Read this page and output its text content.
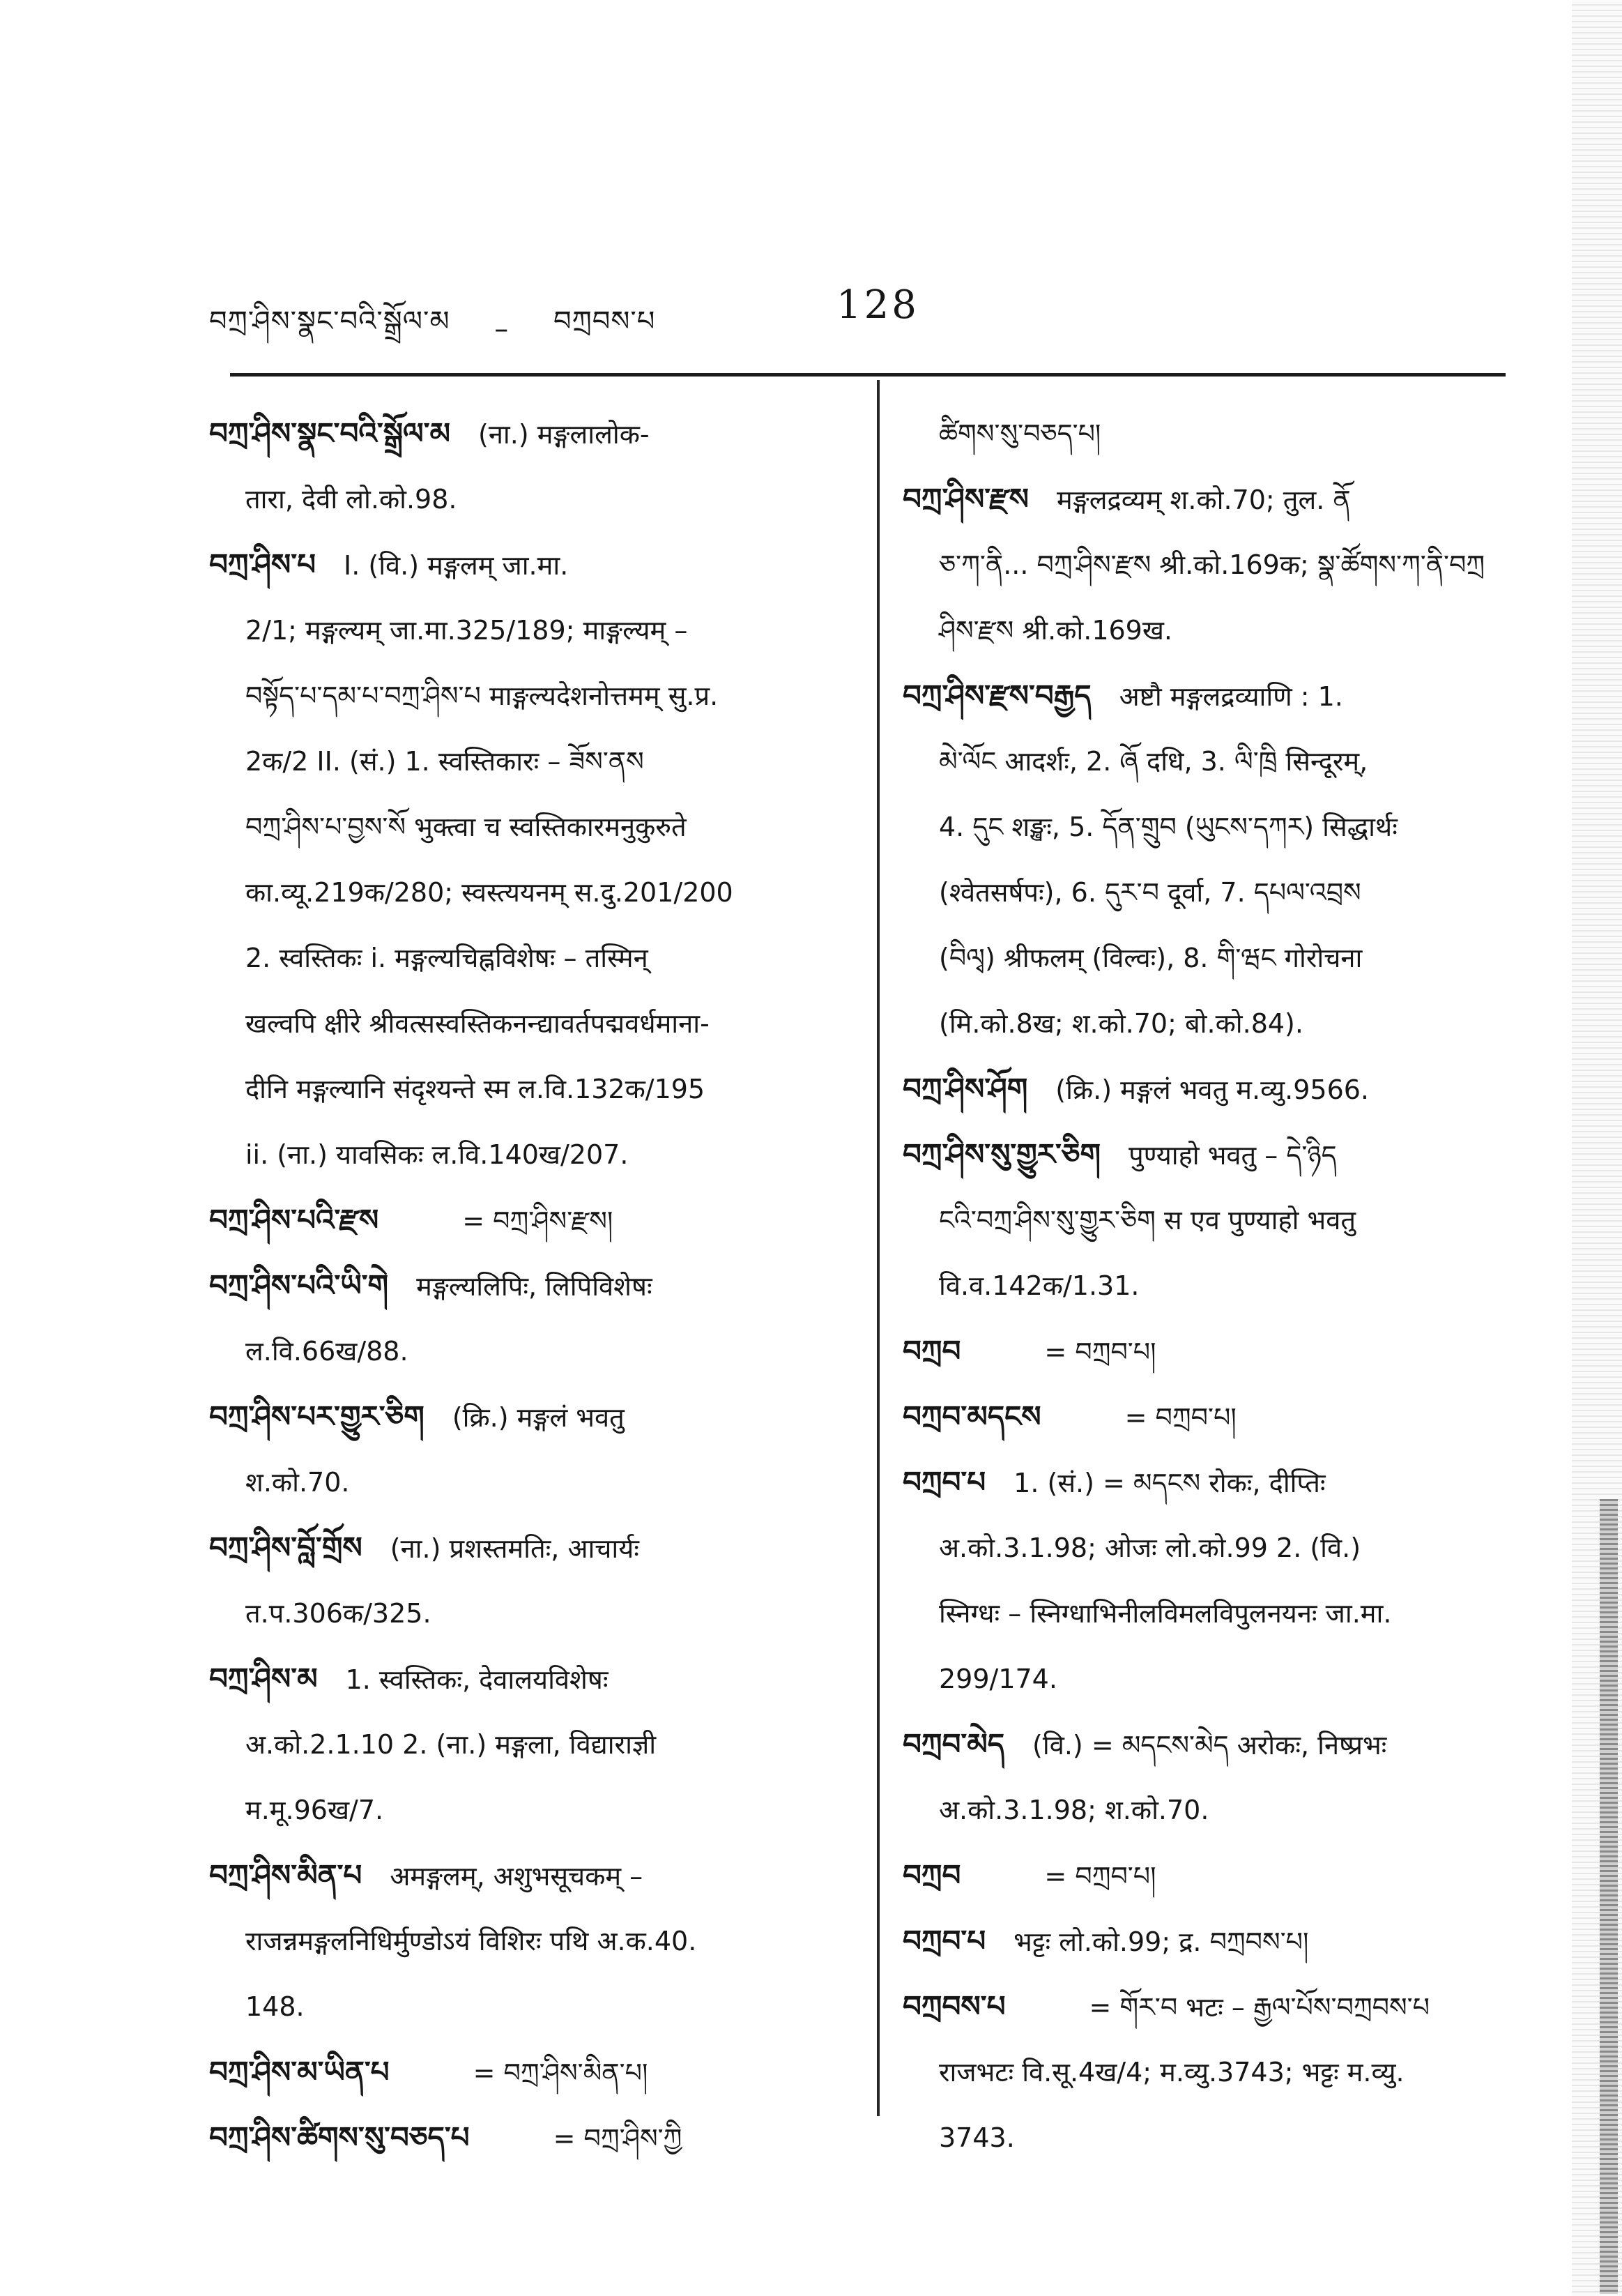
བཀྲ་ཤིས་སྣང་བའི་སྒྲོལ་མ – བཀྲབས་པ	128
བཀྲ་ཤིས་སྣང་བའི་སྒྲོལ་མ (ना.) मङ्गलालोक-
तारा, देवी लो.को.98.
བཀྲ་ཤིས་པ I. (वि.) मङ्गलम् जा.मा.
2/1; मङ्गल्यम् जा.मा.325/189; माङ्गल्यम् –
བསྟོད་པ་དམ་པ་བཀྲ་ཤིས་པ माङ्गल्यदेशनोत्तमम् सु.प्र.
2क/2 II. (सं.) 1. स्वस्तिकारः – ཟོས་ནས
བཀྲ་ཤིས་པ་བྱས་སོ भुक्त्वा च स्वस्तिकारमनुकुरुते
का.व्यू.219क/280; स्वस्त्ययनम् स.दु.201/200
2. स्वस्तिकः i. मङ्गल्यचिह्नविशेषः – तस्मिन्
खल्वपि क्षीरे श्रीवत्सस्वस्तिकनन्द्यावर्तपद्मवर्धमाना-
दीनि मङ्गल्यानि संदृश्यन्ते स्म ल.वि.132क/195
ii. (ना.) यावसिकः ल.वि.140ख/207.
བཀྲ་ཤིས་པའི་རྫས	= བཀྲ་ཤིས་རྫས།
བཀྲ་ཤིས་པའི་ཡི་གེ मङ्गल्यलिपिः, लिपिविशेषः
ल.वि.66ख/88.
བཀྲ་ཤིས་པར་གྱུར་ཅིག (क्रि.) मङ्गलं भवतु
श.को.70.
བཀྲ་ཤིས་བློ་གྲོས (ना.) प्रशस्तमतिः, आचार्यः
त.प.306क/325.
བཀྲ་ཤིས་མ 1. स्वस्तिकः, देवालयविशेषः
अ.को.2.1.10 2. (ना.) मङ्गला, विद्याराज्ञी
म.मू.96ख/7.
བཀྲ་ཤིས་མིན་པ अमङ्गलम्, अशुभसूचकम् –
राजन्नमङ्गलनिधिर्मुण्डोऽयं विशिरः पथि अ.क.40.
148.
བཀྲ་ཤིས་མ་ཡིན་པ	= བཀྲ་ཤིས་མིན་པ།
བཀྲ་ཤིས་ཚིགས་སུ་བཅད་པ	= བཀྲ་ཤིས་ཀྱི
ཚིགས་སུ་བཅད་པ།
བཀྲ་ཤིས་རྫས मङ्गलद्रव्यम् श.को.70; तुल. ནོ
ཅ་ཀ་ནི... བཀྲ་ཤིས་རྫས श्री.को.169क; སྣ་ཚོགས་ཀ་ནི་བཀྲ
ཤིས་རྫས श्री.को.169ख.
བཀྲ་ཤིས་རྫས་བརྒྱད अष्टौ मङ्गलद्रव्याणि : 1.
མེ་ལོང आदर्शः, 2. ཞོ दधि, 3. ལི་ཁྲི सिन्दूरम्,
4. དུང शङ्खः, 5. དོན་གྲུབ (ཡུངས་དཀར) सिद्धार्थः
(श्वेतसर्षपः), 6. དུར་བ दूर्वा, 7. དཔལ་འབྲས
(བིལྭ) श्रीफलम् (विल्वः), 8. གི་ཝང गोरोचना
(मि.को.8ख; श.को.70; बो.को.84).
བཀྲ་ཤིས་ཤོག (क्रि.) मङ्गलं भवतु म.व्यु.9566.
བཀྲ་ཤིས་སུ་གྱུར་ཅིག पुण्याहो भवतु – དེ་ཉིད
ངའི་བཀྲ་ཤིས་སུ་གྱུར་ཅིག स एव पुण्याहो भवतु
वि.व.142क/1.31.
བཀྲབ	= བཀྲབ་པ།
བཀྲབ་མདངས	= བཀྲབ་པ།
བཀྲབ་པ 1. (सं.) = མདངས रोकः, दीप्तिः
अ.को.3.1.98; ओजः लो.को.99 2. (वि.)
स्निग्धः – स्निग्धाभिनीलविमलविपुलनयनः जा.मा.
299/174.
བཀྲབ་མེད (वि.) = མདངས་མེད अरोकः, निष्प्रभः
अ.को.3.1.98; श.को.70.
བཀྲབ	= བཀྲབ་པ།
བཀྲབ་པ भट्टः लो.को.99; द्र. བཀྲབས་པ།
བཀྲབས་པ	= གོར་བ भटः – རྒྱལ་པོས་བཀྲབས་པ
राजभटः वि.सू.4ख/4; म.व्यु.3743; भट्टः म.व्यु.
3743.
